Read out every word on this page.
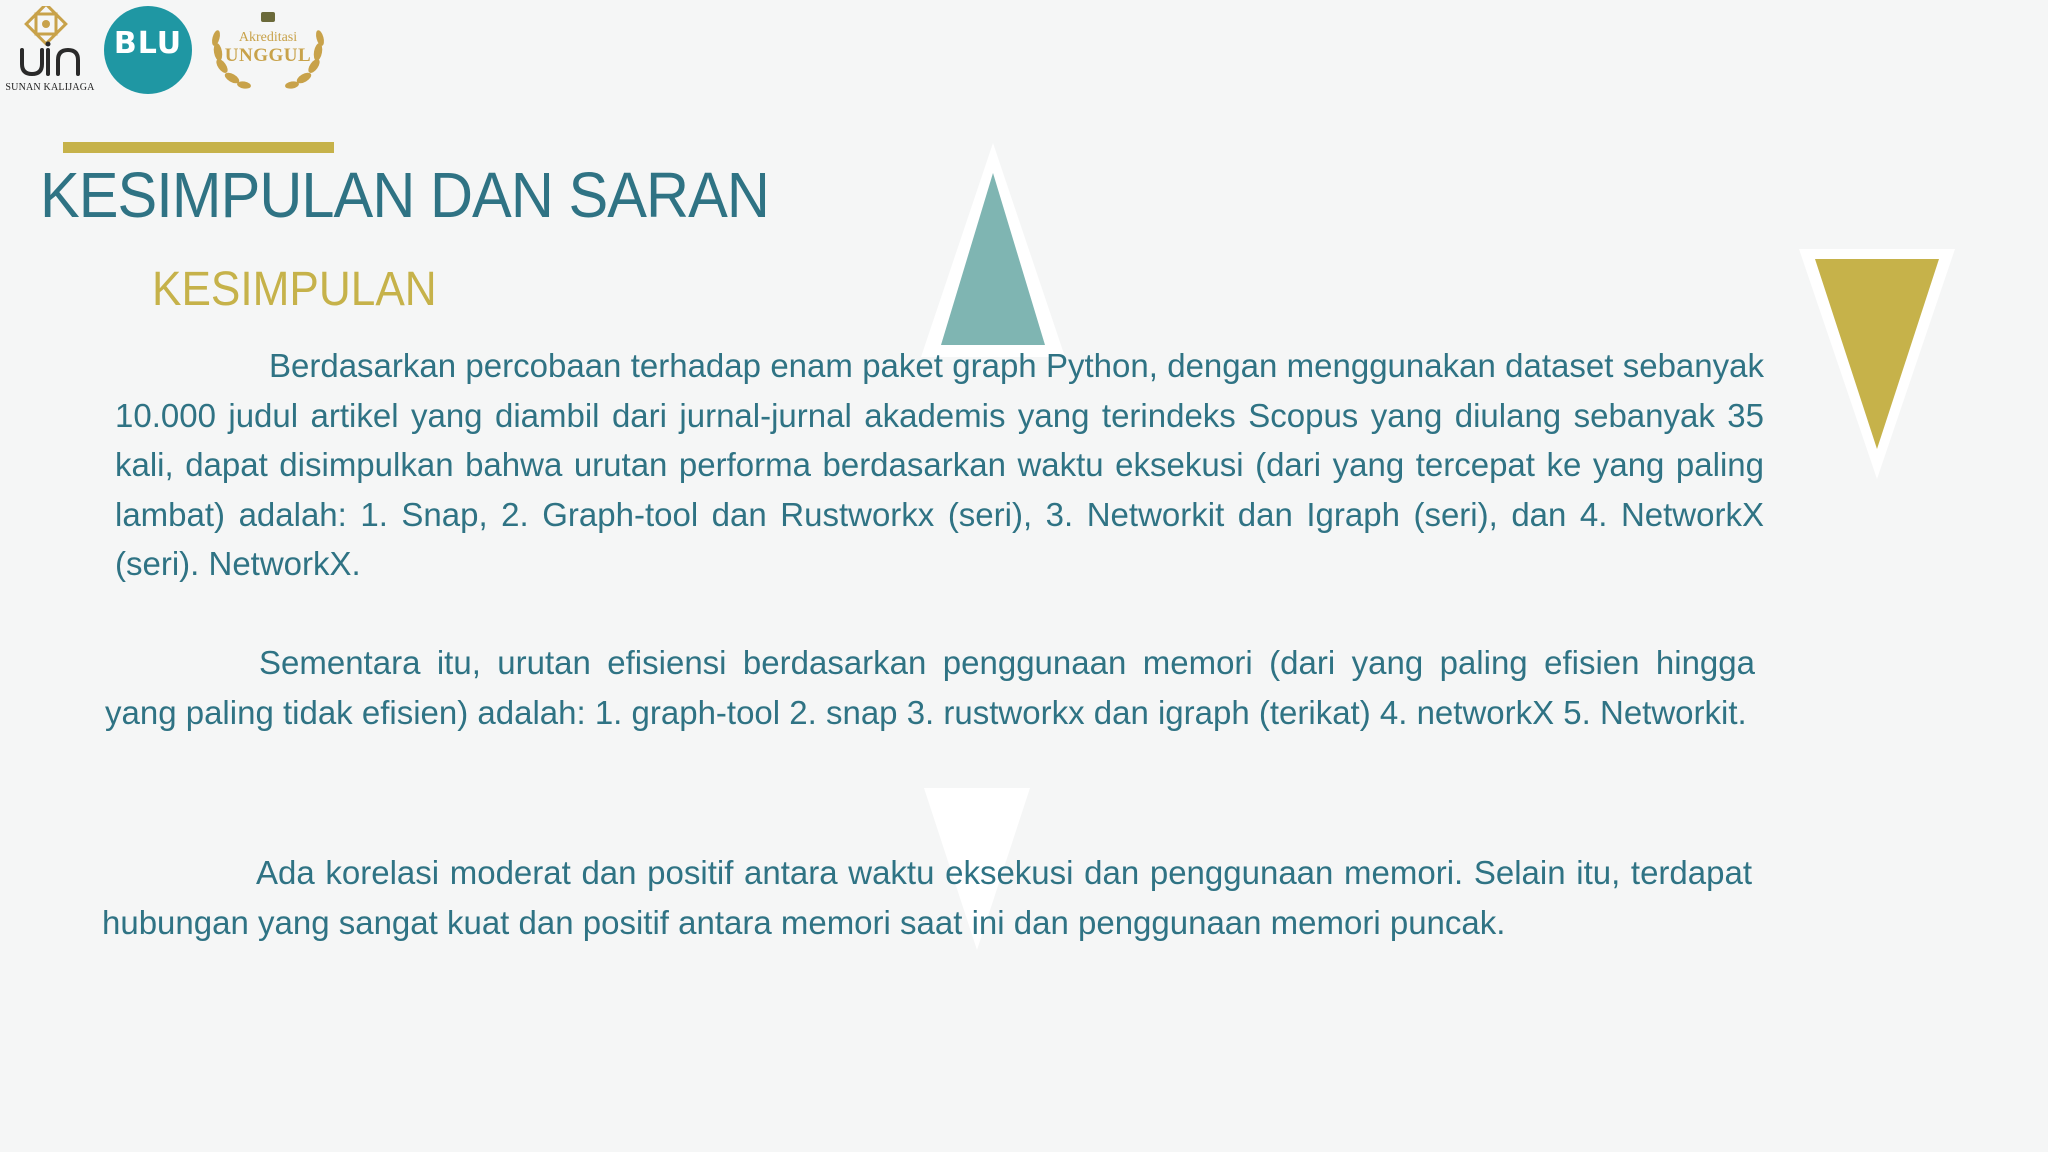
SUNAN KALIJAGA
BLU	Akreditasi
UNGGUL
KESIMPULAN DAN SARAN
KESIMPULAN
Berdasarkan percobaan terhadap enam paket graph Python, dengan menggunakan dataset sebanyak 10.000 judul artikel yang diambil dari jurnal-jurnal akademis yang terindeks Scopus yang diulang sebanyak 35 kali, dapat disimpulkan bahwa urutan performa berdasarkan waktu eksekusi (dari yang tercepat ke yang paling lambat) adalah: 1. Snap, 2. Graph-tool dan Rustworkx (seri), 3. Networkit dan Igraph (seri), dan 4. NetworkX (seri). NetworkX.
Sementara itu, urutan efisiensi berdasarkan penggunaan memori (dari yang paling efisien hingga yang paling tidak efisien) adalah: 1. graph-tool 2. snap 3. rustworkx dan igraph (terikat) 4. networkX 5. Networkit.
Ada korelasi moderat dan positif antara waktu eksekusi dan penggunaan memori. Selain itu, terdapat hubungan yang sangat kuat dan positif antara memori saat ini dan penggunaan memori puncak.
